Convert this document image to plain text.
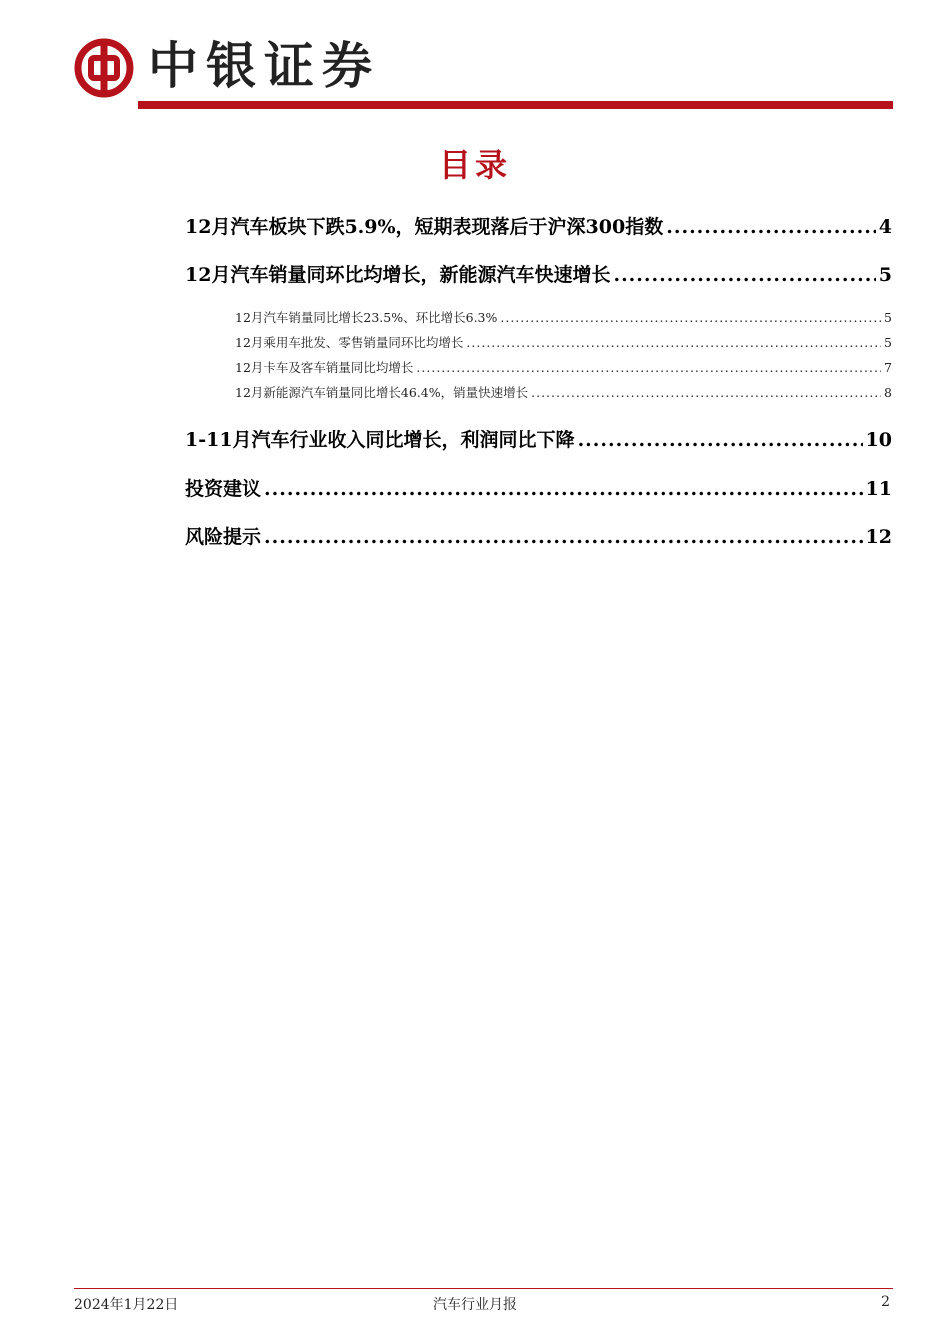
中银证券
目录
12月汽车板块下跌5.9%，短期表现落后于沪深300指数 .....	4
12月汽车销量同环比均增长，新能源汽车快速增长 .....	5
12月汽车销量同比增长23.5%、环比增长6.3% .....	5
12月乘用车批发、零售销量同环比均增长 .....	5
12月卡车及客车销量同比均增长 .....	7
12月新能源汽车销量同比增长46.4%，销量快速增长 .....	8
1-11月汽车行业收入同比增长，利润同比下降 .....	10
投资建议 .....	11
风险提示 .....	12
2024年1月22日	汽车行业月报	2
